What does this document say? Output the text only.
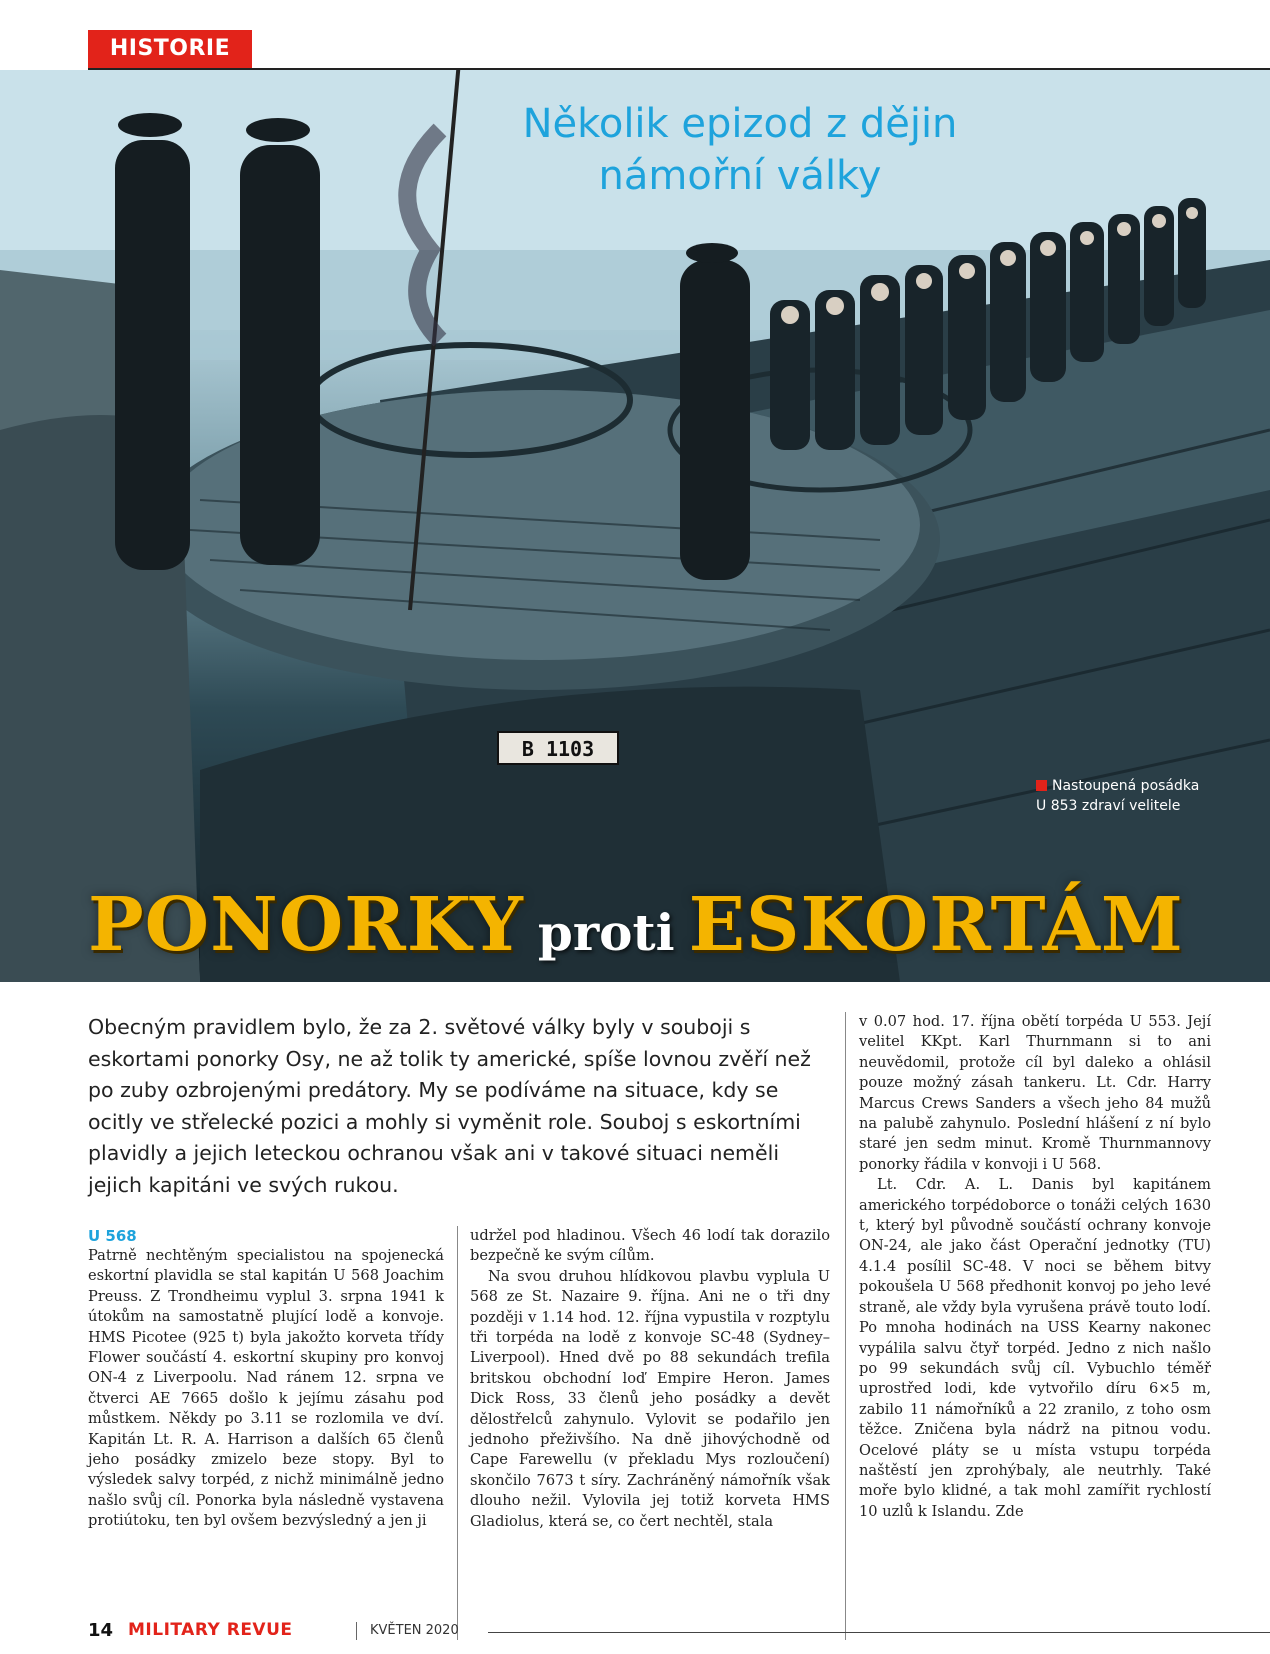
HISTORIE
B 1103
Několik epizod z dějin
námořní války
Nastoupená posádka
U 853 zdraví velitele
PONORKY proti ESKORTÁM
Obecným pravidlem bylo, že za 2. světové války byly v souboji s eskortami ponorky Osy, ne až tolik ty americké, spíše lovnou zvěří než po zuby ozbrojenými predátory. My se podíváme na situace, kdy se ocitly ve střelecké pozici a mohly si vyměnit role. Souboj s eskortními plavidly a jejich leteckou ochranou však ani v takové situaci neměli jejich kapitáni ve svých rukou.
U 568

Patrně nechtěným specialistou na spojenecká eskortní plavidla se stal kapitán U 568 Joachim Preuss. Z Trondheimu vyplul 3. srpna 1941 k útokům na samostatně plující lodě a konvoje. HMS Picotee (925 t) byla jakožto korveta třídy Flower součástí 4. eskortní skupiny pro konvoj ON-4 z Liverpoolu. Nad ránem 12. srpna ve čtverci AE 7665 došlo k jejímu zásahu pod můstkem. Někdy po 3.11 se rozlomila ve dví. Kapitán Lt. R. A. Harrison a dalších 65 členů jeho posádky zmizelo beze stopy. Byl to výsledek salvy torpéd, z nichž minimálně jedno našlo svůj cíl. Ponorka byla následně vystavena protiútoku, ten byl ovšem bezvýsledný a jen ji

udržel pod hladinou. Všech 46 lodí tak dorazilo bezpečně ke svým cílům.

Na svou druhou hlídkovou plavbu vyplula U 568 ze St. Nazaire 9. října. Ani ne o tři dny později v 1.14 hod. 12. října vypustila v rozptylu tři torpéda na lodě z konvoje SC-48 (Sydney–Liverpool). Hned dvě po 88 sekundách trefila britskou obchodní loď Empire Heron. James Dick Ross, 33 členů jeho posádky a devět dělostřelců zahynulo. Vylovit se podařilo jen jednoho přeživšího. Na dně jihovýchodně od Cape Farewellu (v překladu Mys rozloučení) skončilo 7673 t síry. Zachráněný námořník však dlouho nežil. Vylovila jej totiž korveta HMS Gladiolus, která se, co čert nechtěl, stala

v 0.07 hod. 17. října obětí torpéda U 553. Její velitel KKpt. Karl Thurnmann si to ani neuvědomil, protože cíl byl daleko a ohlásil pouze možný zásah tankeru. Lt. Cdr. Harry Marcus Crews Sanders a všech jeho 84 mužů na palubě zahynulo. Poslední hlášení z ní bylo staré jen sedm minut. Kromě Thurnmannovy ponorky řádila v konvoji i U 568.

Lt. Cdr. A. L. Danis byl kapitánem amerického torpédoborce o tonáži celých 1630 t, který byl původně součástí ochrany konvoje ON-24, ale jako část Operační jednotky (TU) 4.1.4 posílil SC-48. V noci se během bitvy pokoušela U 568 předhonit konvoj po jeho levé straně, ale vždy byla vyrušena právě touto lodí. Po mnoha hodinách na USS Kearny nakonec vypálila salvu čtyř torpéd. Jedno z nich našlo po 99 sekundách svůj cíl. Vybuchlo téměř uprostřed lodi, kde vytvořilo díru 6×5 m, zabilo 11 námořníků a 22 zranilo, z toho osm těžce. Zničena byla nádrž na pitnou vodu. Ocelové pláty se u místa vstupu torpéda naštěstí jen zprohýbaly, ale neutrhly. Také moře bylo klidné, a tak mohl zamířit rychlostí 10 uzlů k Islandu. Zde

14 MILITARY REVUE	KVĚTEN 2020
